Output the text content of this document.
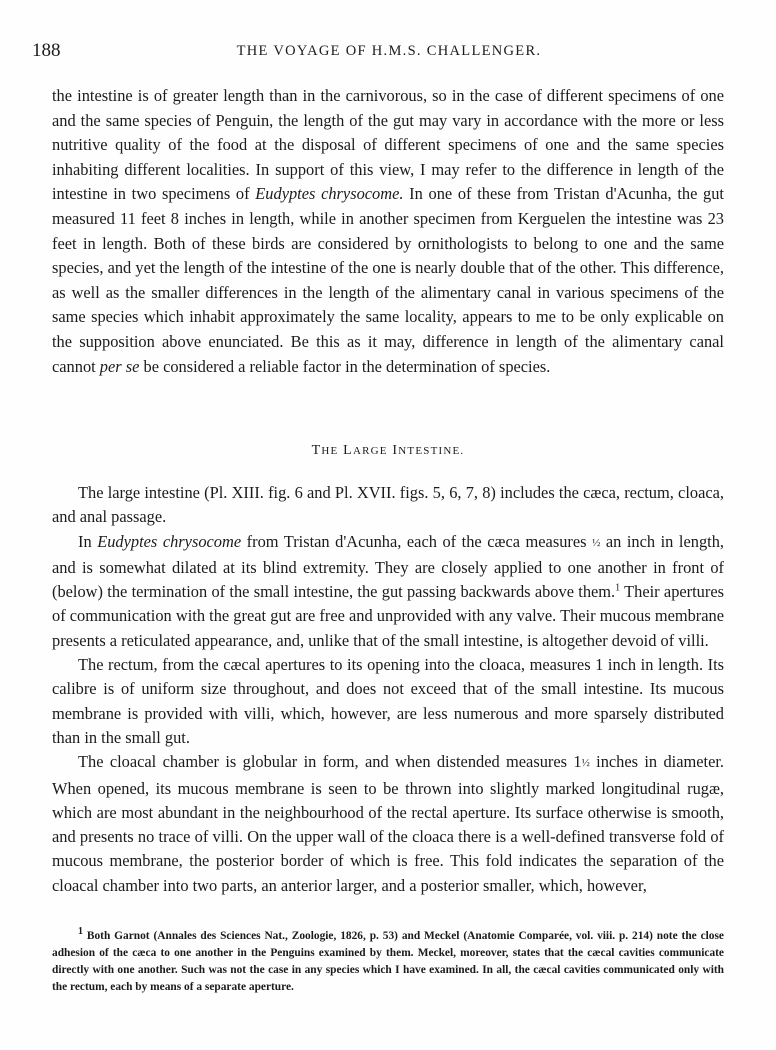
188	THE VOYAGE OF H.M.S. CHALLENGER.

the intestine is of greater length than in the carnivorous, so in the case of different specimens of one and the same species of Penguin, the length of the gut may vary in accordance with the more or less nutritive quality of the food at the disposal of different specimens of one and the same species inhabiting different localities. In support of this view, I may refer to the difference in length of the intestine in two specimens of Eudyptes chrysocome. In one of these from Tristan d'Acunha, the gut measured 11 feet 8 inches in length, while in another specimen from Kerguelen the intestine was 23 feet in length. Both of these birds are considered by ornithologists to belong to one and the same species, and yet the length of the intestine of the one is nearly double that of the other. This difference, as well as the smaller differences in the length of the alimentary canal in various specimens of the same species which inhabit approximately the same locality, appears to me to be only explicable on the supposition above enunciated. Be this as it may, difference in length of the alimentary canal cannot per se be considered a reliable factor in the determination of species.

THE LARGE INTESTINE.

The large intestine (Pl. XIII. fig. 6 and Pl. XVII. figs. 5, 6, 7, 8) includes the cæca, rectum, cloaca, and anal passage.

In Eudyptes chrysocome from Tristan d'Acunha, each of the cæca measures ½ an inch in length, and is somewhat dilated at its blind extremity. They are closely applied to one another in front of (below) the termination of the small intestine, the gut passing backwards above them.$^1$ Their apertures of communication with the great gut are free and unprovided with any valve. Their mucous membrane presents a reticulated appearance, and, unlike that of the small intestine, is altogether devoid of villi.

The rectum, from the cæcal apertures to its opening into the cloaca, measures 1 inch in length. Its calibre is of uniform size throughout, and does not exceed that of the small intestine. Its mucous membrane is provided with villi, which, however, are less numerous and more sparsely distributed than in the small gut.

The cloacal chamber is globular in form, and when distended measures 1½ inches in diameter. When opened, its mucous membrane is seen to be thrown into slightly marked longitudinal rugæ, which are most abundant in the neighbourhood of the rectal aperture. Its surface otherwise is smooth, and presents no trace of villi. On the upper wall of the cloaca there is a well-defined transverse fold of mucous membrane, the posterior border of which is free. This fold indicates the separation of the cloacal chamber into two parts, an anterior larger, and a posterior smaller, which, however,

$^1$ Both Garnot (Annales des Sciences Nat., Zoologie, 1826, p. 53) and Meckel (Anatomie Comparée, vol. viii. p. 214) note the close adhesion of the cæca to one another in the Penguins examined by them. Meckel, moreover, states that the cæcal cavities communicate directly with one another. Such was not the case in any species which I have examined. In all, the cæcal cavities communicated only with the rectum, each by means of a separate aperture.
